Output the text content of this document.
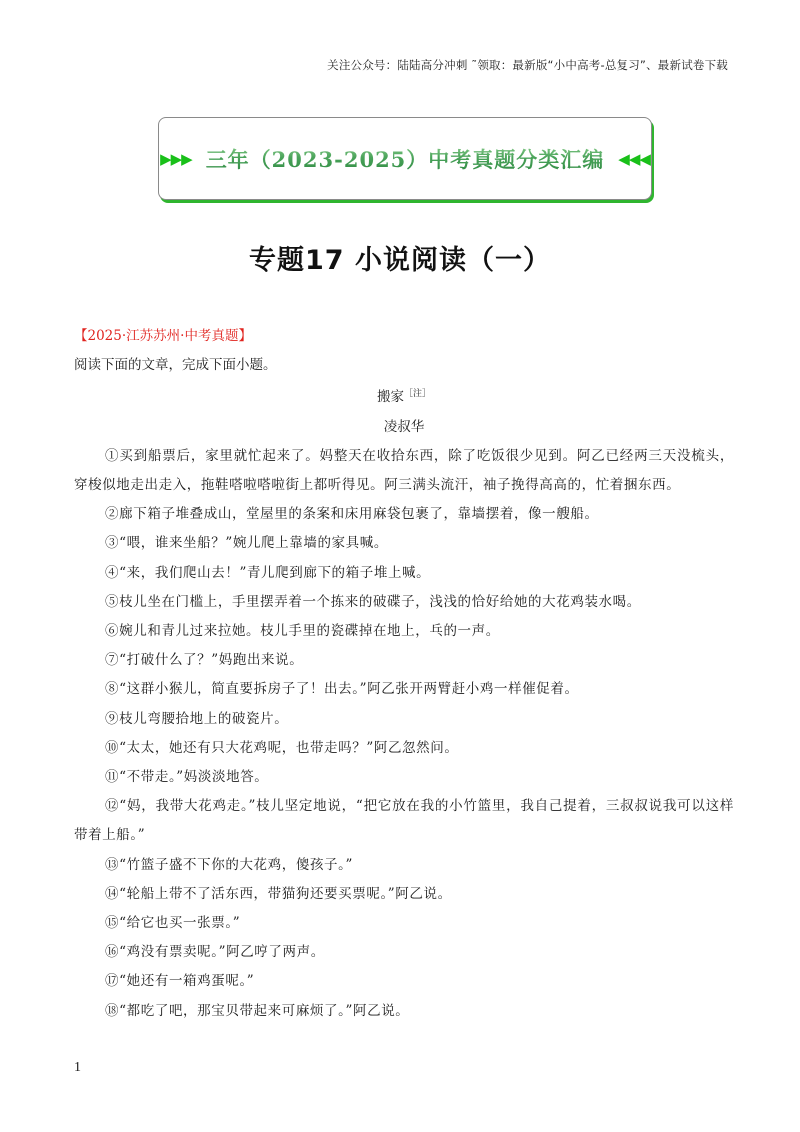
关注公众号：陆陆高分冲刺 ˜领取：最新版“小中高考-总复习”、最新试卷下载
▶▶▶ 三年（2023-2025）中考真题分类汇编 ◀◀◀
专题17 小说阅读（一）
【2025·江苏苏州·中考真题】
阅读下面的文章，完成下面小题。
搬家$^{[注]}$
凌叔华

①买到船票后，家里就忙起来了。妈整天在收拾东西，除了吃饭很少见到。阿乙已经两三天没梳头，穿梭似地走出走入，拖鞋嗒啦嗒啦街上都听得见。阿三满头流汗，袖子挽得高高的，忙着捆东西。

②廊下箱子堆叠成山，堂屋里的条案和床用麻袋包裹了，靠墙摆着，像一艘船。

③“喂，谁来坐船？”婉儿爬上靠墙的家具喊。

④“来，我们爬山去！”青儿爬到廊下的箱子堆上喊。

⑤枝儿坐在门槛上，手里摆弄着一个拣来的破碟子，浅浅的恰好给她的大花鸡装水喝。

⑥婉儿和青儿过来拉她。枝儿手里的瓷碟掉在地上，乓的一声。

⑦“打破什么了？”妈跑出来说。

⑧“这群小猴儿，简直要拆房子了！出去。”阿乙张开两臂赶小鸡一样催促着。

⑨枝儿弯腰拾地上的破瓷片。

⑩“太太，她还有只大花鸡呢，也带走吗？”阿乙忽然问。

⑪“不带走。”妈淡淡地答。

⑫“妈，我带大花鸡走。”枝儿坚定地说，“把它放在我的小竹篮里，我自己提着，三叔叔说我可以这样带着上船。”

⑬“竹篮子盛不下你的大花鸡，傻孩子。”

⑭“轮船上带不了活东西，带猫狗还要买票呢。”阿乙说。

⑮“给它也买一张票。”

⑯“鸡没有票卖呢。”阿乙哼了两声。

⑰“她还有一箱鸡蛋呢。”

⑱“都吃了吧，那宝贝带起来可麻烦了。”阿乙说。

1
